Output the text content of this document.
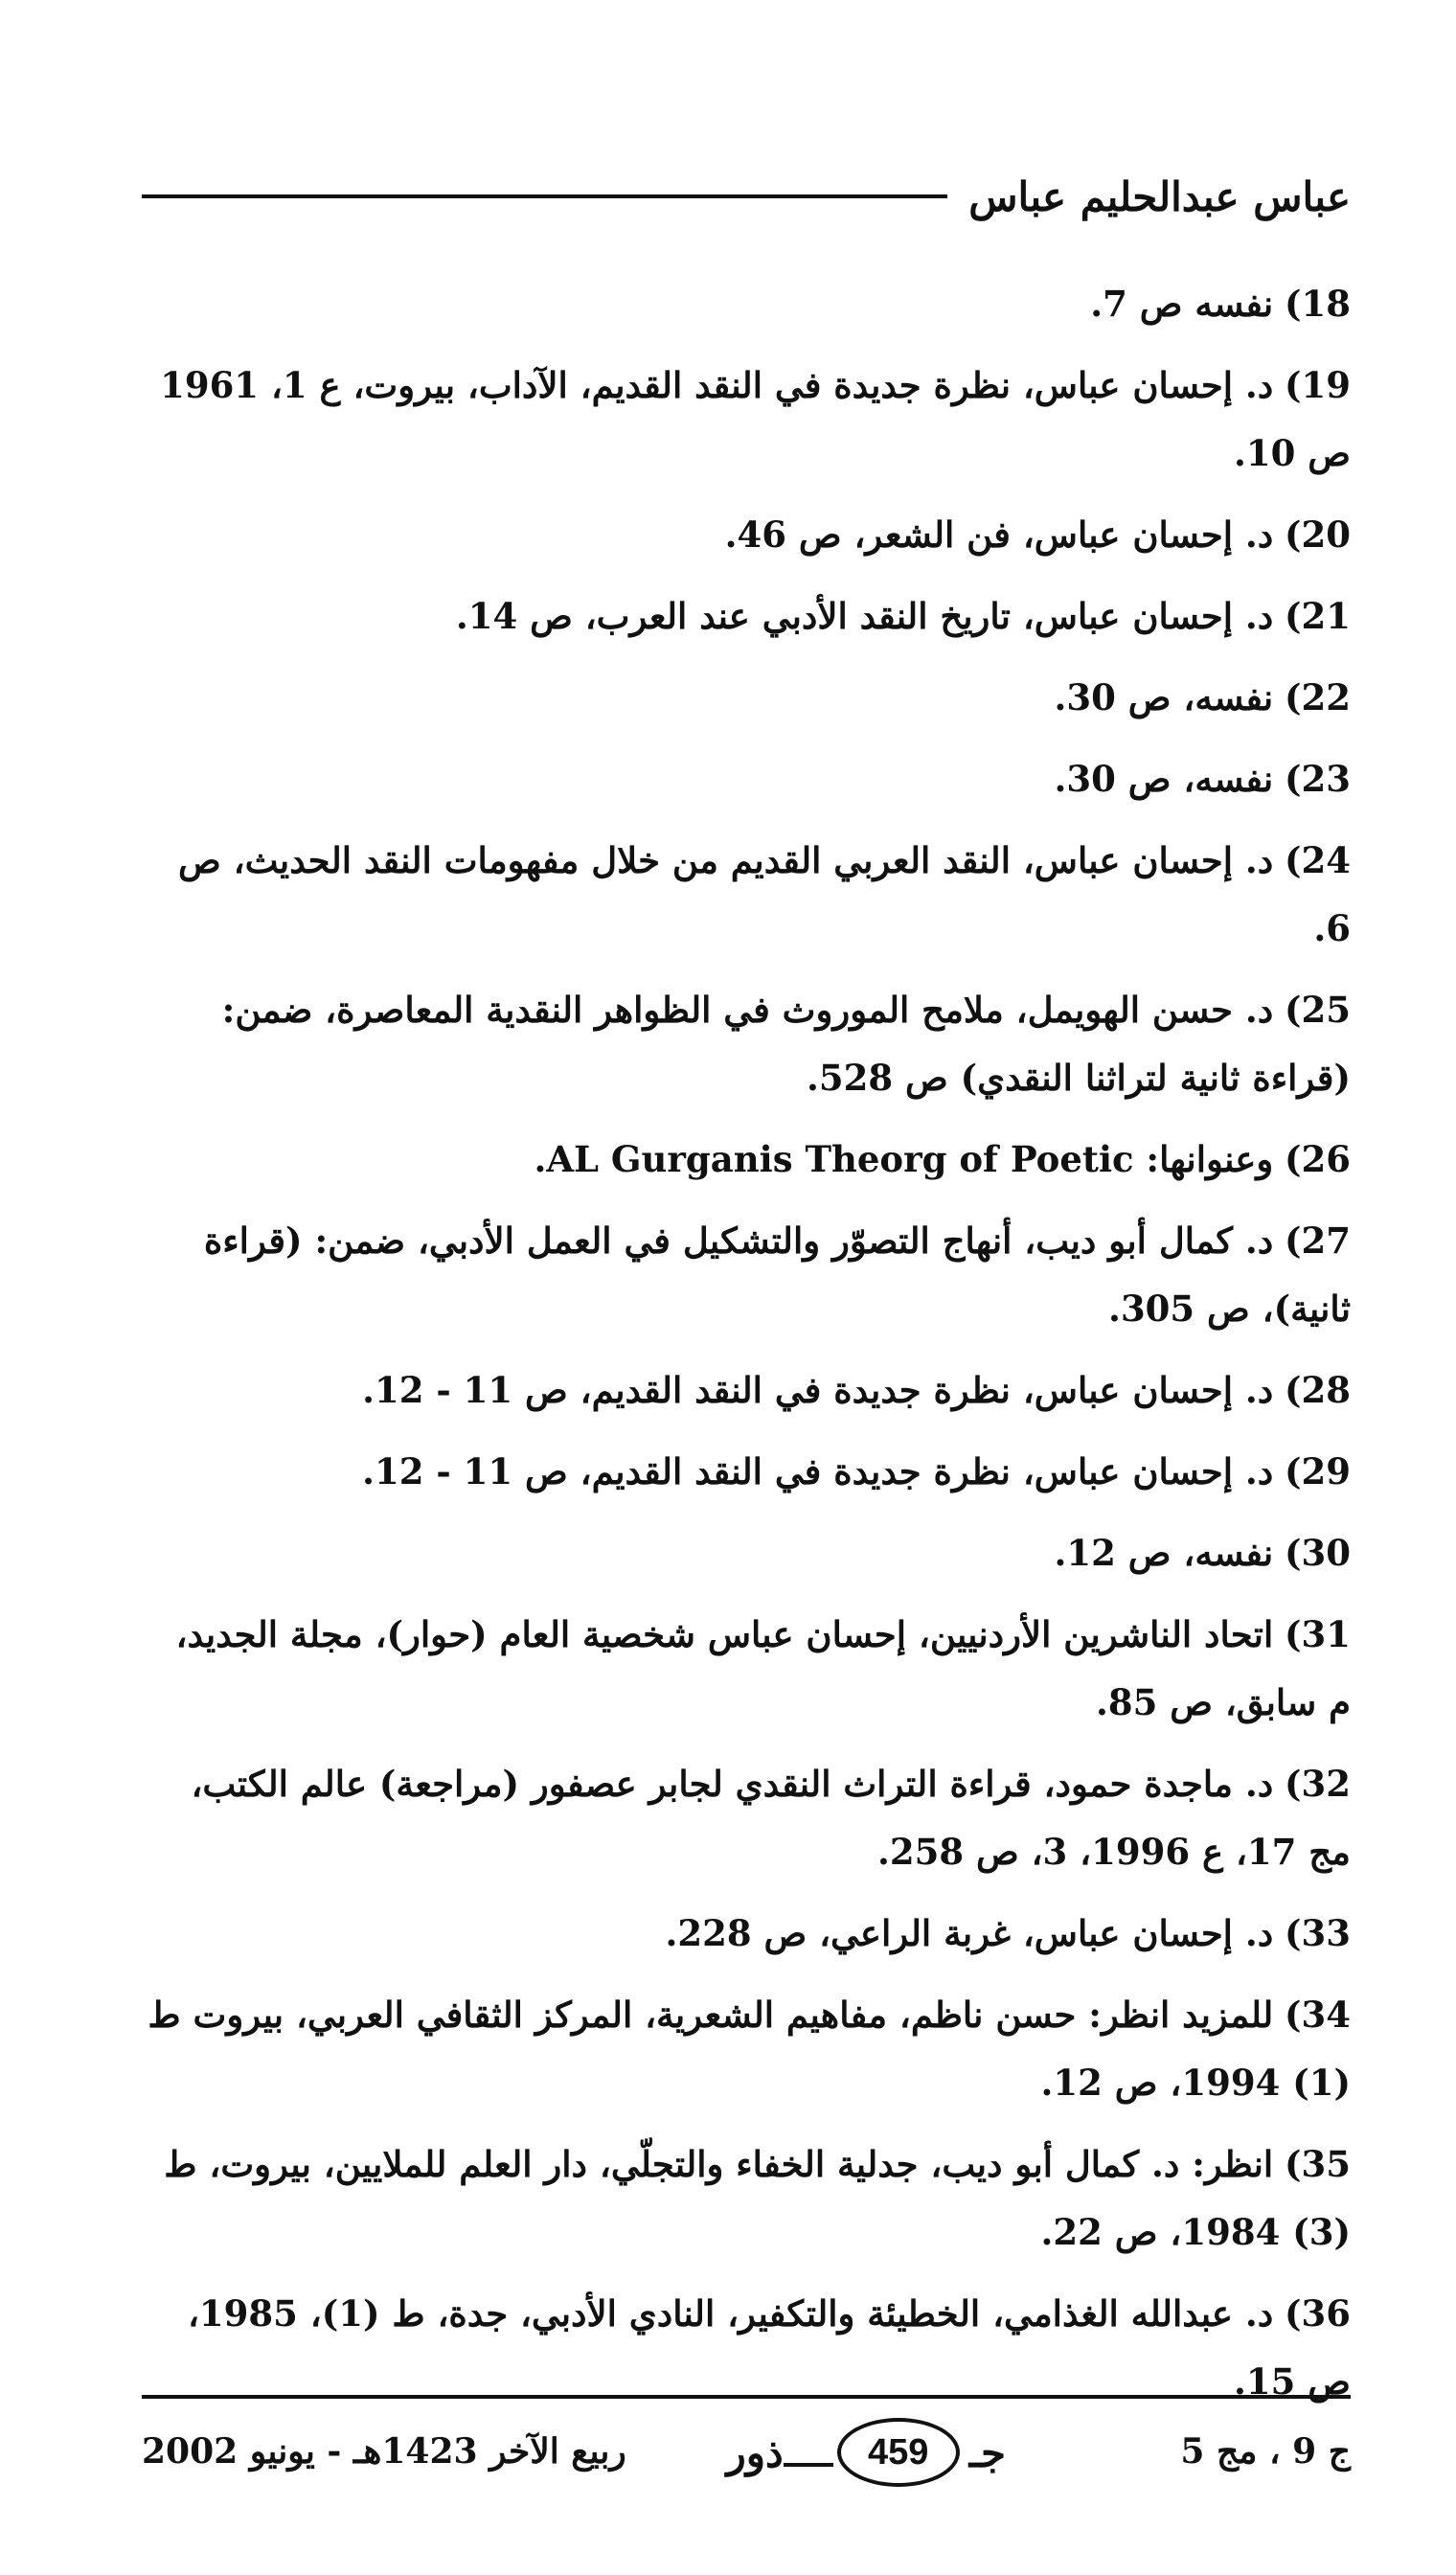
عباس عبدالحليم عباس

18) نفسه ص 7.

19) د. إحسان عباس، نظرة جديدة في النقد القديم، الآداب، بيروت، ع 1، 1961 ص 10.

20) د. إحسان عباس، فن الشعر، ص 46.

21) د. إحسان عباس، تاريخ النقد الأدبي عند العرب، ص 14.

22) نفسه، ص 30.

23) نفسه، ص 30.

24) د. إحسان عباس، النقد العربي القديم من خلال مفهومات النقد الحديث، ص 6.

25) د. حسن الهويمل، ملامح الموروث في الظواهر النقدية المعاصرة، ضمن: (قراءة ثانية لتراثنا النقدي) ص 528.

26) وعنوانها: AL Gurganis Theorg of Poetic.

27) د. كمال أبو ديب، أنهاج التصوّر والتشكيل في العمل الأدبي، ضمن: (قراءة ثانية)، ص 305.

28) د. إحسان عباس، نظرة جديدة في النقد القديم، ص 11 - 12.

29) د. إحسان عباس، نظرة جديدة في النقد القديم، ص 11 - 12.

30) نفسه، ص 12.

31) اتحاد الناشرين الأردنيين، إحسان عباس شخصية العام (حوار)، مجلة الجديد، م سابق، ص 85.

32) د. ماجدة حمود، قراءة التراث النقدي لجابر عصفور (مراجعة) عالم الكتب، مج 17، ع 1996، 3، ص 258.

33) د. إحسان عباس، غربة الراعي، ص 228.

34) للمزيد انظر: حسن ناظم، مفاهيم الشعرية، المركز الثقافي العربي، بيروت ط (1) 1994، ص 12.

35) انظر: د. كمال أبو ديب، جدلية الخفاء والتجلّي، دار العلم للملايين، بيروت، ط (3) 1984، ص 22.

36) د. عبدالله الغذامي، الخطيئة والتكفير، النادي الأدبي، جدة، ط (1)، 1985، ص 15.

ج 9 ، مج 5
جـ
459
ذور
ربيع الآخر 1423هـ - يونيو 2002
